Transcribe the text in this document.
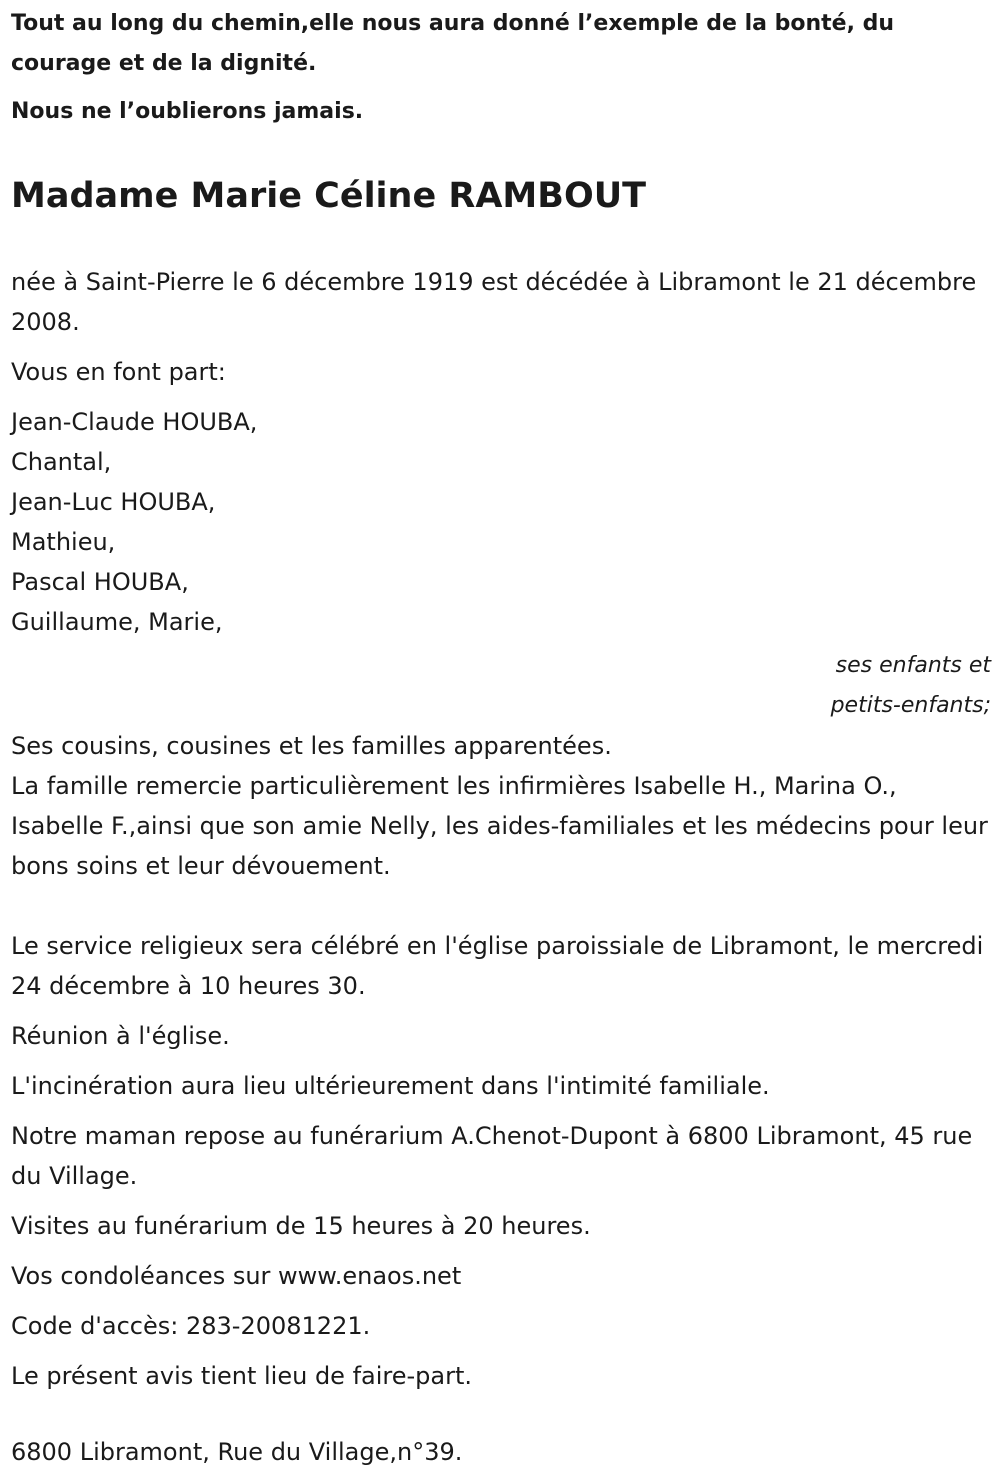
Tout au long du chemin,elle nous aura donné l’exemple de la bonté, du courage et de la dignité.

Nous ne l’oublierons jamais.

Madame Marie Céline RAMBOUT

née à Saint-Pierre le 6 décembre 1919 est décédée à Libramont le 21 décembre 2008.

Vous en font part:

Jean-Claude HOUBA,
Chantal,
Jean-Luc HOUBA,
Mathieu,
Pascal HOUBA,
Guillaume, Marie,

ses enfants et
petits-enfants;

Ses cousins, cousines et les familles apparentées.

La famille remercie particulièrement les infirmières Isabelle H., Marina O., Isabelle F.,ainsi que son amie Nelly, les aides-familiales et les médecins pour leur bons soins et leur dévouement.

Le service religieux sera célébré en l'église paroissiale de Libramont, le mercredi 24 décembre à 10 heures 30.

Réunion à l'église.

L'incinération aura lieu ultérieurement dans l'intimité familiale.

Notre maman repose au funérarium A.Chenot-Dupont à 6800 Libramont, 45 rue du Village.

Visites au funérarium de 15 heures à 20 heures.

Vos condoléances sur www.enaos.net

Code d'accès: 283-20081221.

Le présent avis tient lieu de faire-part.

6800 Libramont, Rue du Village,n°39.
